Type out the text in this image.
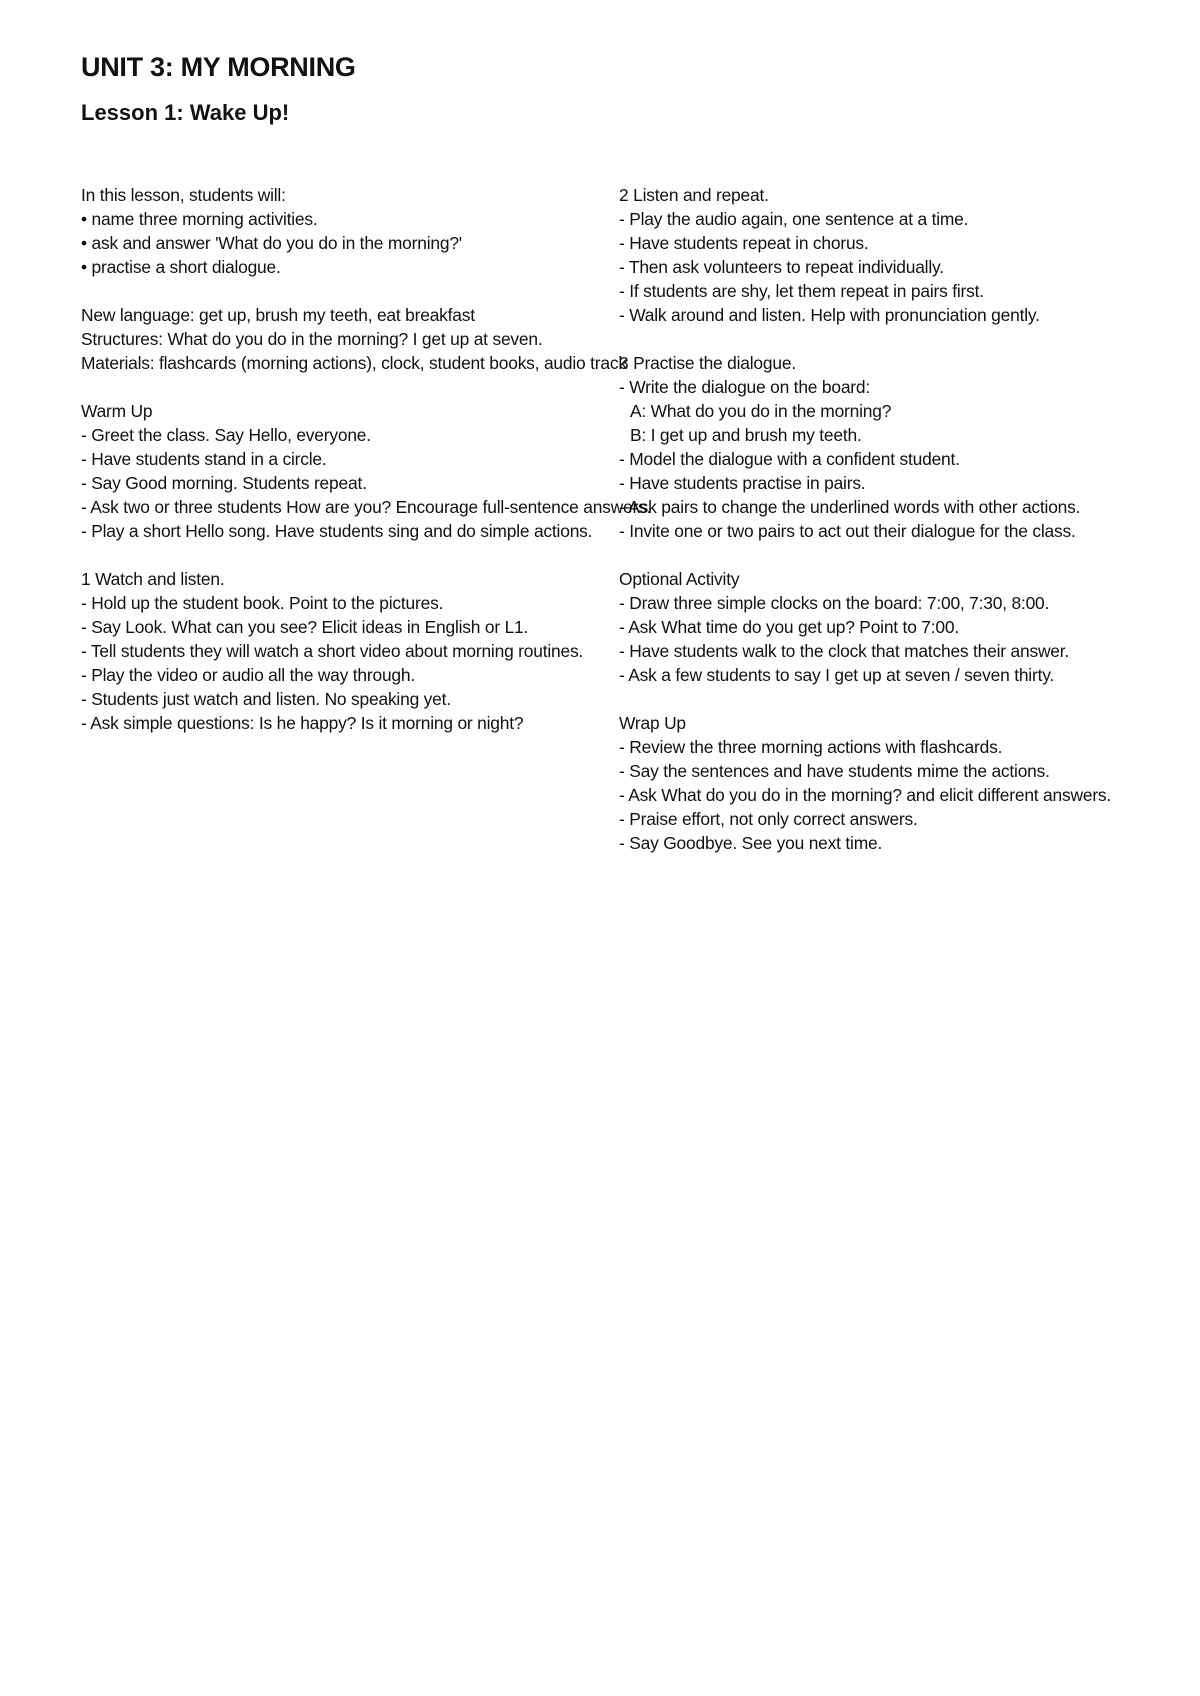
UNIT 3: MY MORNING
Lesson 1: Wake Up!
In this lesson, students will:
• name three morning activities.
• ask and answer 'What do you do in the morning?'
• practise a short dialogue.
New language: get up, brush my teeth, eat breakfast
Structures: What do you do in the morning? I get up at seven.
Materials: flashcards (morning actions), clock, student books, audio track
Warm Up
- Greet the class. Say Hello, everyone.
- Have students stand in a circle.
- Say Good morning. Students repeat.
- Ask two or three students How are you? Encourage full-sentence answers.
- Play a short Hello song. Have students sing and do simple actions.
1 Watch and listen.
- Hold up the student book. Point to the pictures.
- Say Look. What can you see? Elicit ideas in English or L1.
- Tell students they will watch a short video about morning routines.
- Play the video or audio all the way through.
- Students just watch and listen. No speaking yet.
- Ask simple questions: Is he happy? Is it morning or night?
2 Listen and repeat.
- Play the audio again, one sentence at a time.
- Have students repeat in chorus.
- Then ask volunteers to repeat individually.
- If students are shy, let them repeat in pairs first.
- Walk around and listen. Help with pronunciation gently.
3 Practise the dialogue.
- Write the dialogue on the board:
A: What do you do in the morning?
B: I get up and brush my teeth.
- Model the dialogue with a confident student.
- Have students practise in pairs.
- Ask pairs to change the underlined words with other actions.
- Invite one or two pairs to act out their dialogue for the class.
Optional Activity
- Draw three simple clocks on the board: 7:00, 7:30, 8:00.
- Ask What time do you get up? Point to 7:00.
- Have students walk to the clock that matches their answer.
- Ask a few students to say I get up at seven / seven thirty.
Wrap Up
- Review the three morning actions with flashcards.
- Say the sentences and have students mime the actions.
- Ask What do you do in the morning? and elicit different answers.
- Praise effort, not only correct answers.
- Say Goodbye. See you next time.
